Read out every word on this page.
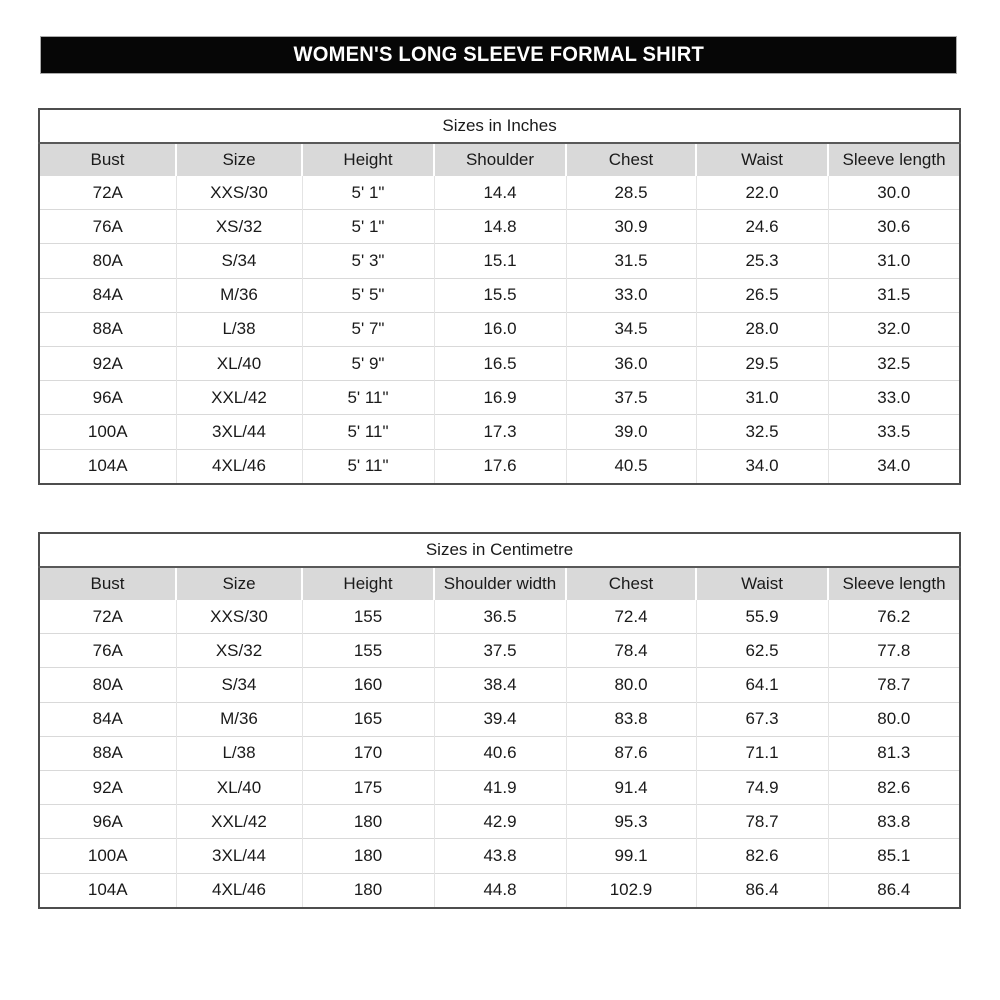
WOMEN'S LONG SLEEVE FORMAL SHIRT
Sizes in Inches						
Bust	Size	Height	Shoulder	Chest	Waist	Sleeve length
72A	XXS/30	5' 1"	14.4	28.5	22.0	30.0
76A	XS/32	5' 1"	14.8	30.9	24.6	30.6
80A	S/34	5' 3"	15.1	31.5	25.3	31.0
84A	M/36	5' 5"	15.5	33.0	26.5	31.5
88A	L/38	5' 7"	16.0	34.5	28.0	32.0
92A	XL/40	5' 9"	16.5	36.0	29.5	32.5
96A	XXL/42	5' 11"	16.9	37.5	31.0	33.0
100A	3XL/44	5' 11"	17.3	39.0	32.5	33.5
104A	4XL/46	5' 11"	17.6	40.5	34.0	34.0
Sizes in Centimetre						
Bust	Size	Height	Shoulder width	Chest	Waist	Sleeve length
72A	XXS/30	155	36.5	72.4	55.9	76.2
76A	XS/32	155	37.5	78.4	62.5	77.8
80A	S/34	160	38.4	80.0	64.1	78.7
84A	M/36	165	39.4	83.8	67.3	80.0
88A	L/38	170	40.6	87.6	71.1	81.3
92A	XL/40	175	41.9	91.4	74.9	82.6
96A	XXL/42	180	42.9	95.3	78.7	83.8
100A	3XL/44	180	43.8	99.1	82.6	85.1
104A	4XL/46	180	44.8	102.9	86.4	86.4
